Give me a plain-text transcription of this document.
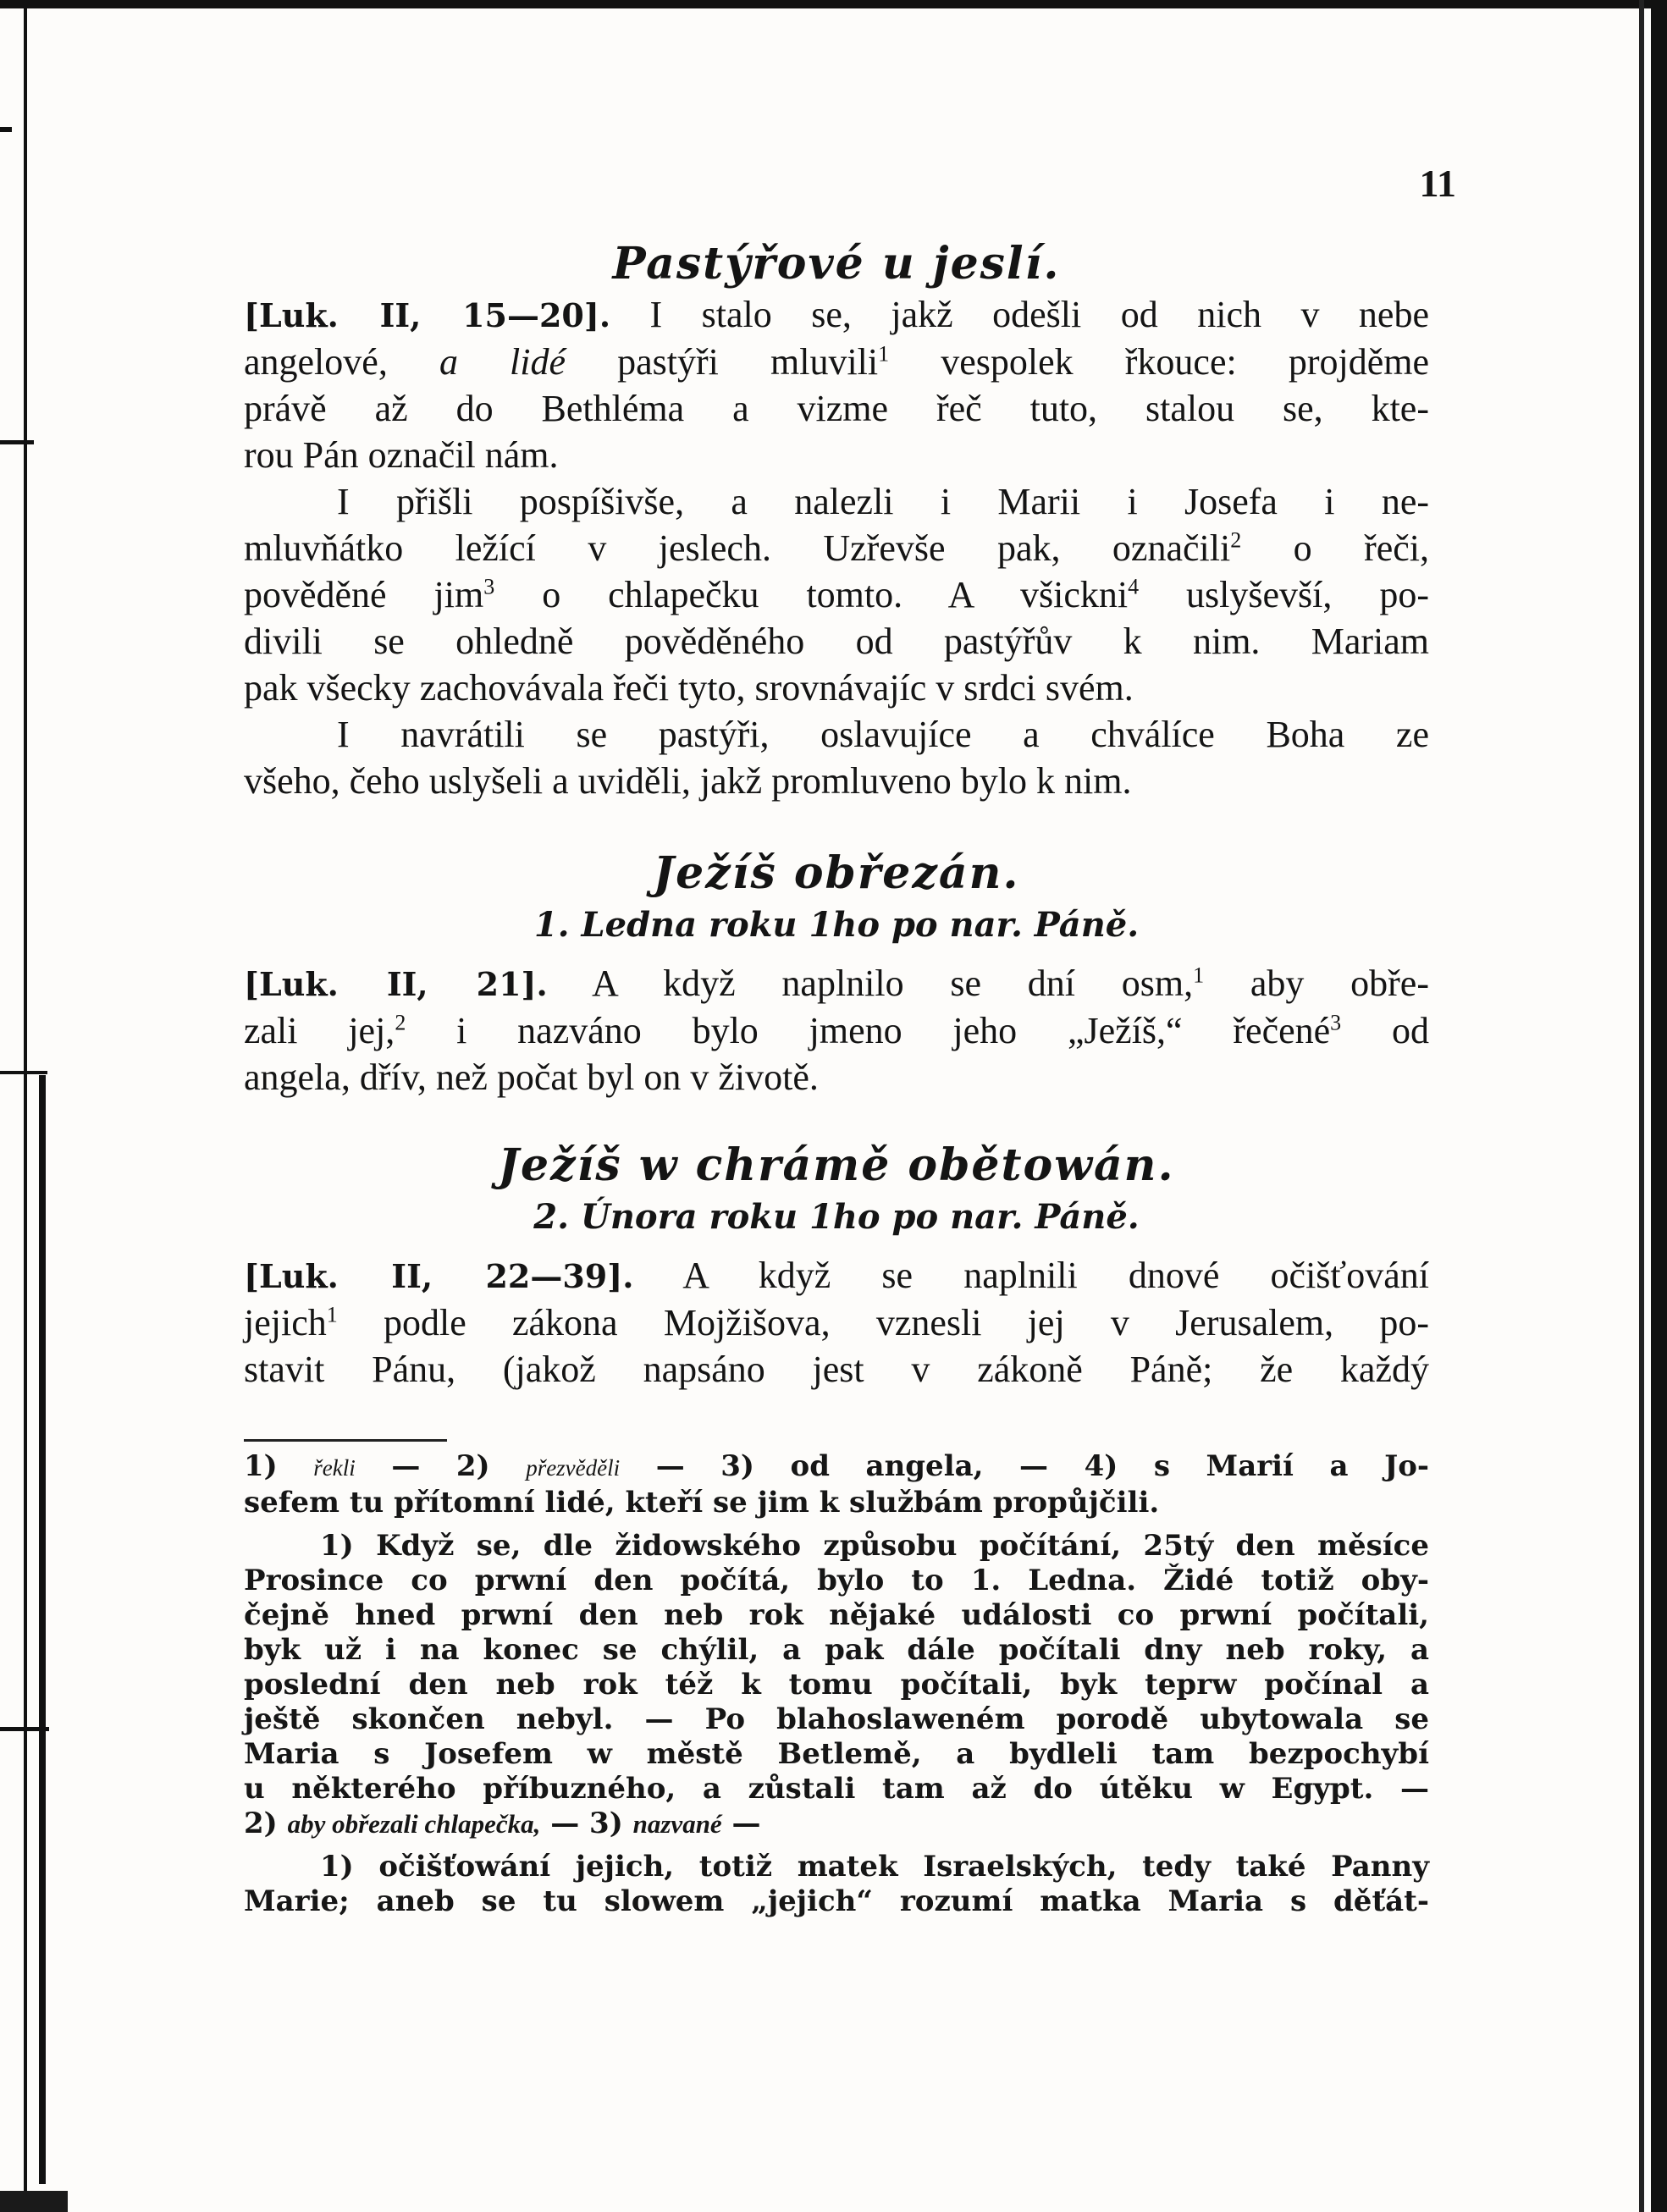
11
Pastýřové u jeslí.
[Luk. II, 15—20]. I stalo se, jakž odešli od nich v nebe
angelové, a lidé pastýři mluvili$^1$ vespolek řkouce: projděme
právě až do Bethléma a vizme řeč tuto, stalou se, kte-
rou Pán označil nám.
I přišli pospíšivše, a nalezli i Marii i Josefa i ne-
mluvňátko ležící v jeslech. Uzřevše pak, označili$^2$ o řeči,
pověděné jim$^3$ o chlapečku tomto. A všickni$^4$ uslyševší, po-
divili se ohledně pověděného od pastýřův k nim. Mariam
pak všecky zachovávala řeči tyto, srovnávajíc v srdci svém.
I navrátili se pastýři, oslavujíce a chválíce Boha ze
všeho, čeho uslyšeli a uviděli, jakž promluveno bylo k nim.
Ježíš obřezán.
1. Ledna roku 1ho po nar. Páně.
[Luk. II, 21]. A když naplnilo se dní osm,$^1$ aby obře-
zali jej,$^2$ i nazváno bylo jmeno jeho „Ježíš,“ řečené$^3$ od
angela, dřív, než počat byl on v životě.
Ježíš w chrámě obětowán.
2. Února roku 1ho po nar. Páně.
[Luk. II, 22—39]. A když se naplnili dnové očišťování
jejich$^1$ podle zákona Mojžišova, vznesli jej v Jerusalem, po-
stavit Pánu, (jakož napsáno jest v zákoně Páně; že každý
1) řekli — 2) přezvěděli — 3) od angela, — 4) s Marií a Jo-
sefem tu přítomní lidé, kteří se jim k službám propůjčili.
1) Když se, dle židowského způsobu počítání, 25tý den měsíce
Prosince co prwní den počítá, bylo to 1. Ledna. Židé totiž oby-
čejně hned prwní den neb rok nějaké události co prwní počítali,
byk už i na konec se chýlil, a pak dále počítali dny neb roky, a
poslední den neb rok též k tomu počítali, byk teprw počínal a
ještě skončen nebyl. — Po blahoslaweném porodě ubytowala se
Maria s Josefem w městě Betlemě, a bydleli tam bezpochybí
u některého příbuzného, a zůstali tam až do útěku w Egypt. —
2) aby obřezali chlapečka, — 3) nazvané —
1) očišťowání jejich, totiž matek Israelských, tedy také Panny
Marie; aneb se tu slowem „jejich“ rozumí matka Maria s děťát-
